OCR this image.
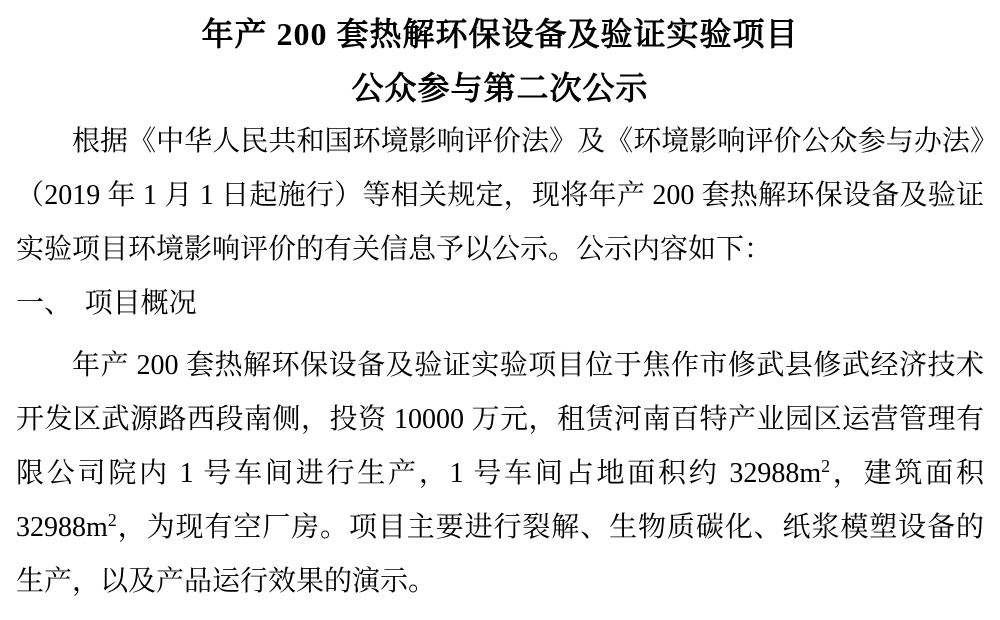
年产 200 套热解环保设备及验证实验项目
公众参与第二次公示

根据《中华人民共和国环境影响评价法》及《环境影响评价公众参与办法》（2019 年 1 月 1 日起施行）等相关规定，现将年产 200 套热解环保设备及验证实验项目环境影响评价的有关信息予以公示。公示内容如下：

一、 项目概况

年产 200 套热解环保设备及验证实验项目位于焦作市修武县修武经济技术开发区武源路西段南侧，投资 10000 万元，租赁河南百特产业园区运营管理有限公司院内 1 号车间进行生产，1 号车间占地面积约 $32988m^2$，建筑面积 $32988m^2$，为现有空厂房。项目主要进行裂解、生物质碳化、纸浆模塑设备的生产，以及产品运行效果的演示。
